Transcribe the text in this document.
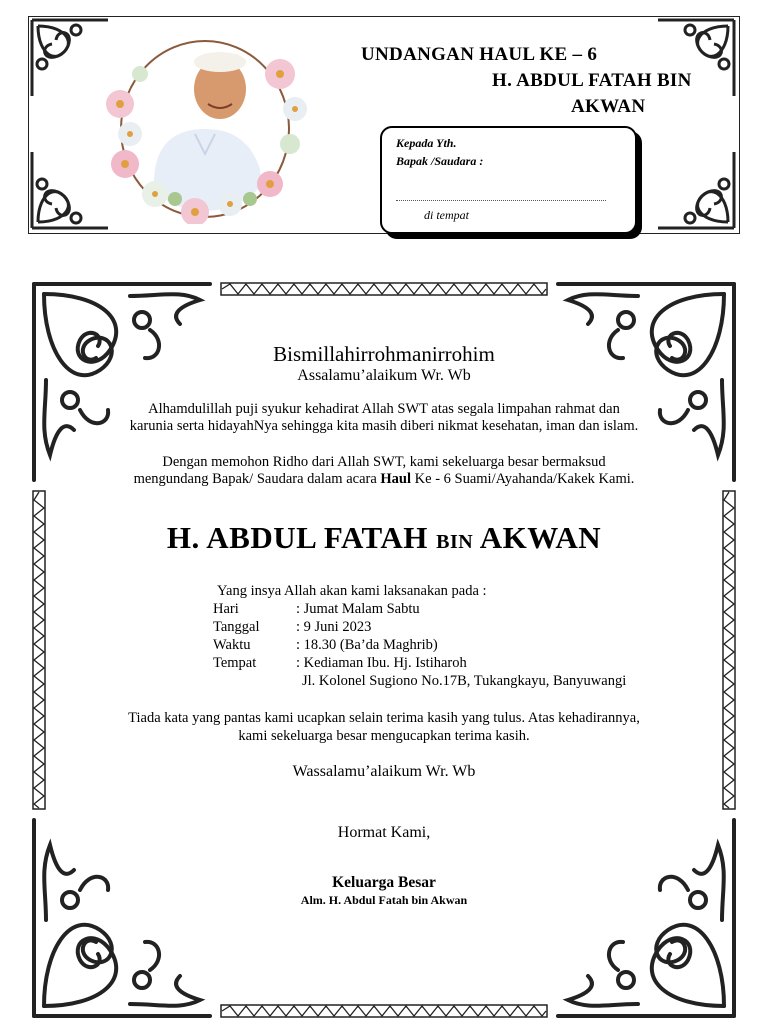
UNDANGAN HAUL KE – 6
H. ABDUL FATAH BIN
AKWAN
Kepada Yth.
Bapak /Saudara :
di tempat
Bismillahirrohmanirrohim
Assalamu’alaikum Wr. Wb
Alhamdulillah puji syukur kehadirat Allah SWT atas segala limpahan rahmat dan
karunia serta hidayahNya sehingga kita masih diberi nikmat kesehatan, iman dan islam.
Dengan memohon Ridho dari Allah SWT, kami sekeluarga besar bermaksud
mengundang Bapak/ Saudara dalam acara Haul Ke - 6 Suami/Ayahanda/Kakek Kami.
H. ABDUL FATAH BIN AKWAN
Yang insya Allah akan kami laksanakan pada :
Hari	: Jumat Malam Sabtu
Tanggal	: 9 Juni 2023
Waktu	: 18.30 (Ba’da Maghrib)
Tempat	: Kediaman Ibu. Hj. Istiharoh
Jl. Kolonel Sugiono No.17B, Tukangkayu, Banyuwangi
Tiada kata yang pantas kami ucapkan selain terima kasih yang tulus. Atas kehadirannya,
kami sekeluarga besar mengucapkan terima kasih.
Wassalamu’alaikum Wr. Wb
Hormat Kami,
Keluarga Besar
Alm. H. Abdul Fatah bin Akwan
